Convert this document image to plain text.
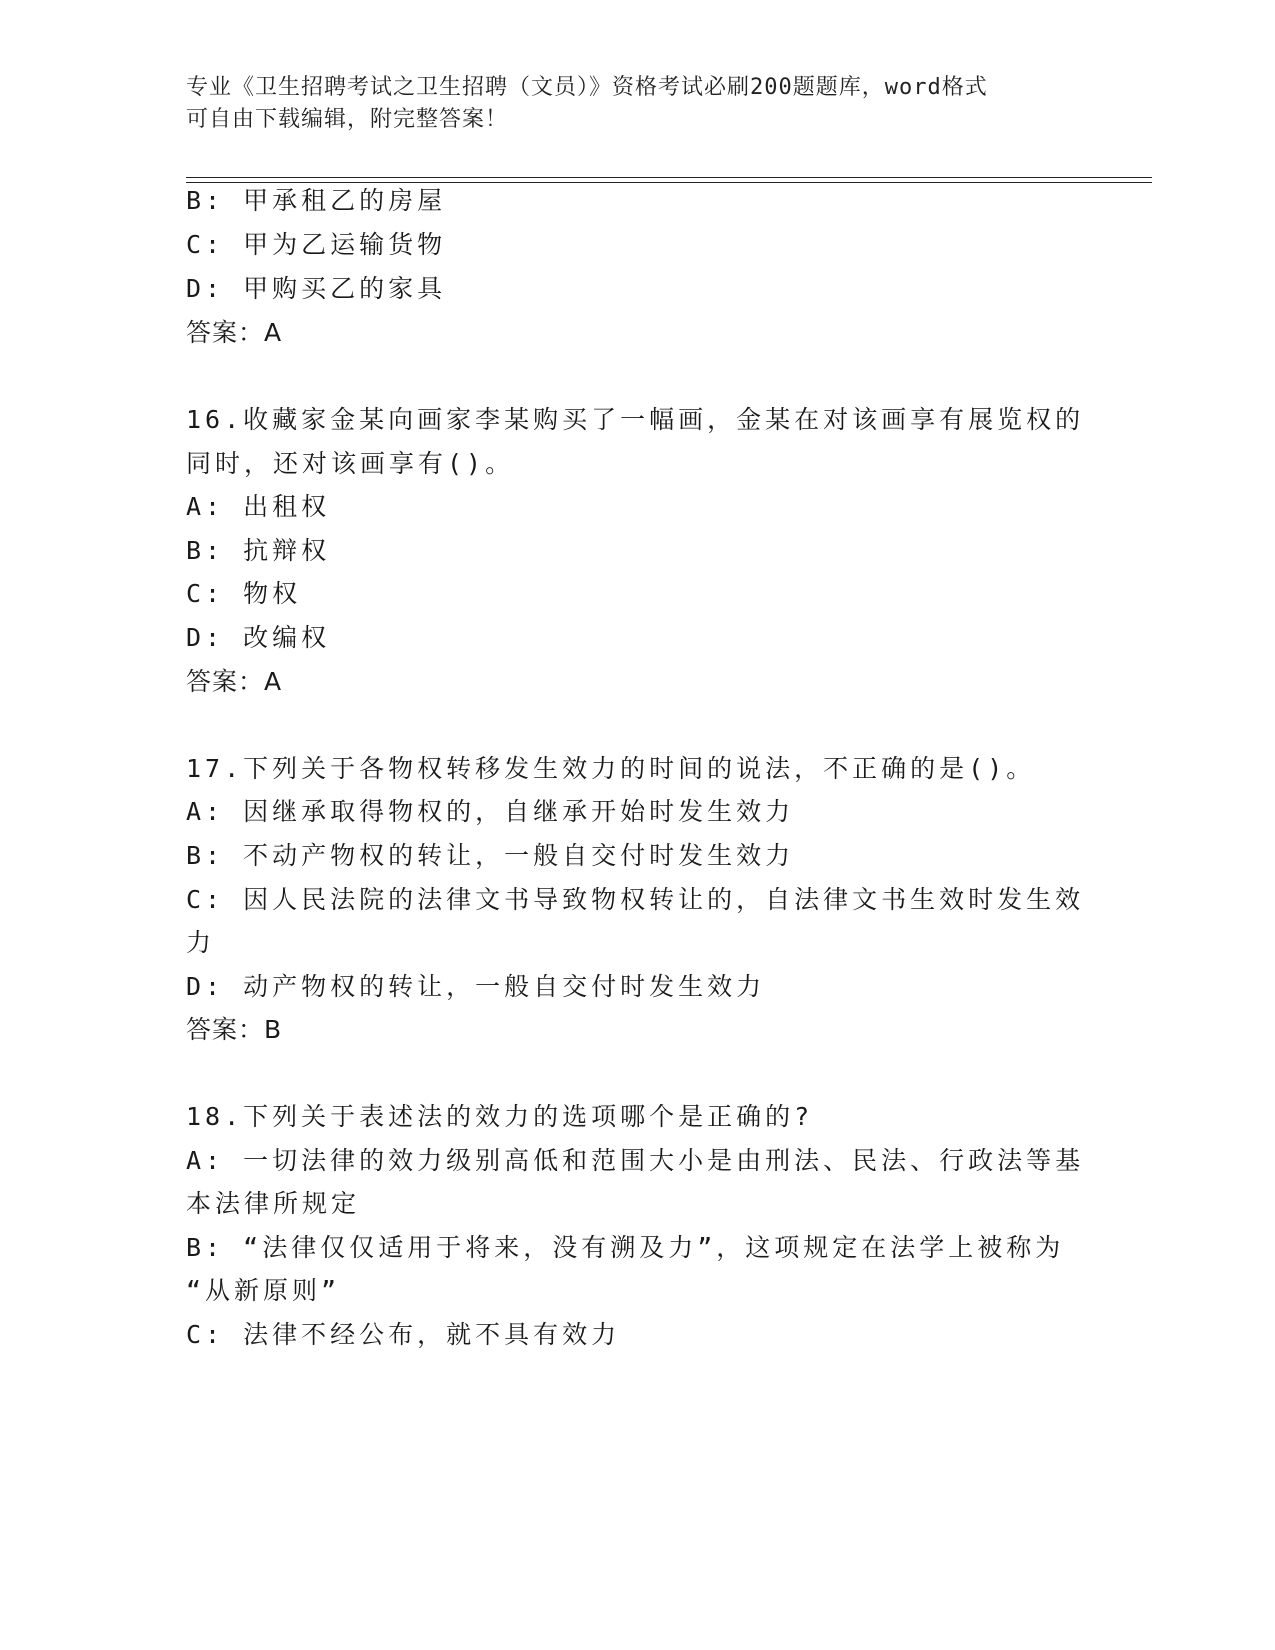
专业《卫生招聘考试之卫生招聘（文员）》资格考试必刷200题题库，word格式
可自由下载编辑，附完整答案！
B: 甲承租乙的房屋
C: 甲为乙运输货物
D: 甲购买乙的家具
答案：A
16.收藏家金某向画家李某购买了一幅画，金某在对该画享有展览权的
同时，还对该画享有()。
A: 出租权
B: 抗辩权
C: 物权
D: 改编权
答案：A
17.下列关于各物权转移发生效力的时间的说法，不正确的是()。
A: 因继承取得物权的，自继承开始时发生效力
B: 不动产物权的转让，一般自交付时发生效力
C: 因人民法院的法律文书导致物权转让的，自法律文书生效时发生效
力
D: 动产物权的转让，一般自交付时发生效力
答案：B
18.下列关于表述法的效力的选项哪个是正确的?
A: 一切法律的效力级别高低和范围大小是由刑法、民法、行政法等基
本法律所规定
B: “法律仅仅适用于将来，没有溯及力”，这项规定在法学上被称为
“从新原则”
C: 法律不经公布，就不具有效力
